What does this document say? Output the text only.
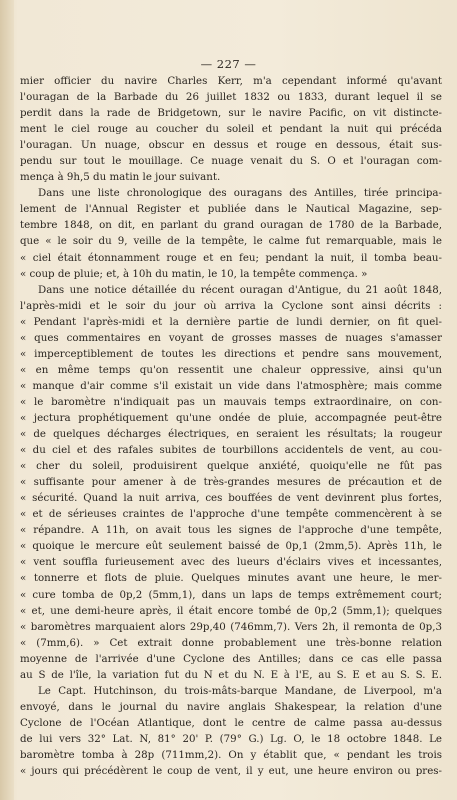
— 227 —
mier officier du navire Charles Kerr, m'a cependant informé qu'avant
l'ouragan de la Barbade du 26 juillet 1832 ou 1833, durant lequel il se
perdit dans la rade de Bridgetown, sur le navire Pacific, on vit distincte-
ment le ciel rouge au coucher du soleil et pendant la nuit qui précéda
l'ouragan. Un nuage, obscur en dessus et rouge en dessous, était sus-
pendu sur tout le mouillage. Ce nuage venait du S. O et l'ouragan com-
mença à 9h,5 du matin le jour suivant.
Dans une liste chronologique des ouragans des Antilles, tirée principa-
lement de l'Annual Register et publiée dans le Nautical Magazine, sep-
tembre 1848, on dit, en parlant du grand ouragan de 1780 de la Barbade,
que « le soir du 9, veille de la tempête, le calme fut remarquable, mais le
« ciel était étonnamment rouge et en feu; pendant la nuit, il tomba beau-
« coup de pluie; et, à 10h du matin, le 10, la tempête commença. »
Dans une notice détaillée du récent ouragan d'Antigue, du 21 août 1848,
l'après-midi et le soir du jour où arriva la Cyclone sont ainsi décrits :
« Pendant l'après-midi et la dernière partie de lundi dernier, on fit quel-
« ques commentaires en voyant de grosses masses de nuages s'amasser
« imperceptiblement de toutes les directions et pendre sans mouvement,
« en même temps qu'on ressentit une chaleur oppressive, ainsi qu'un
« manque d'air comme s'il existait un vide dans l'atmosphère; mais comme
« le baromètre n'indiquait pas un mauvais temps extraordinaire, on con-
« jectura prophétiquement qu'une ondée de pluie, accompagnée peut-être
« de quelques décharges électriques, en seraient les résultats; la rougeur
« du ciel et des rafales subites de tourbillons accidentels de vent, au cou-
« cher du soleil, produisirent quelque anxiété, quoiqu'elle ne fût pas
« suffisante pour amener à de très-grandes mesures de précaution et de
« sécurité. Quand la nuit arriva, ces bouffées de vent devinrent plus fortes,
« et de sérieuses craintes de l'approche d'une tempête commencèrent à se
« répandre. A 11h, on avait tous les signes de l'approche d'une tempête,
« quoique le mercure eût seulement baissé de 0p,1 (2mm,5). Après 11h, le
« vent souffla furieusement avec des lueurs d'éclairs vives et incessantes,
« tonnerre et flots de pluie. Quelques minutes avant une heure, le mer-
« cure tomba de 0p,2 (5mm,1), dans un laps de temps extrêmement court;
« et, une demi-heure après, il était encore tombé de 0p,2 (5mm,1); quelques
« baromètres marquaient alors 29p,40 (746mm,7). Vers 2h, il remonta de 0p,3
« (7mm,6). » Cet extrait donne probablement une très-bonne relation
moyenne de l'arrivée d'une Cyclone des Antilles; dans ce cas elle passa
au S de l'île, la variation fut du N et du N. E à l'E, au S. E et au S. S. E.
Le Capt. Hutchinson, du trois-mâts-barque Mandane, de Liverpool, m'a
envoyé, dans le journal du navire anglais Shakespear, la relation d'une
Cyclone de l'Océan Atlantique, dont le centre de calme passa au-dessus
de lui vers 32° Lat. N, 81° 20' P. (79° G.) Lg. O, le 18 octobre 1848. Le
baromètre tomba à 28p (711mm,2). On y établit que, « pendant les trois
« jours qui précédèrent le coup de vent, il y eut, une heure environ ou pres-
